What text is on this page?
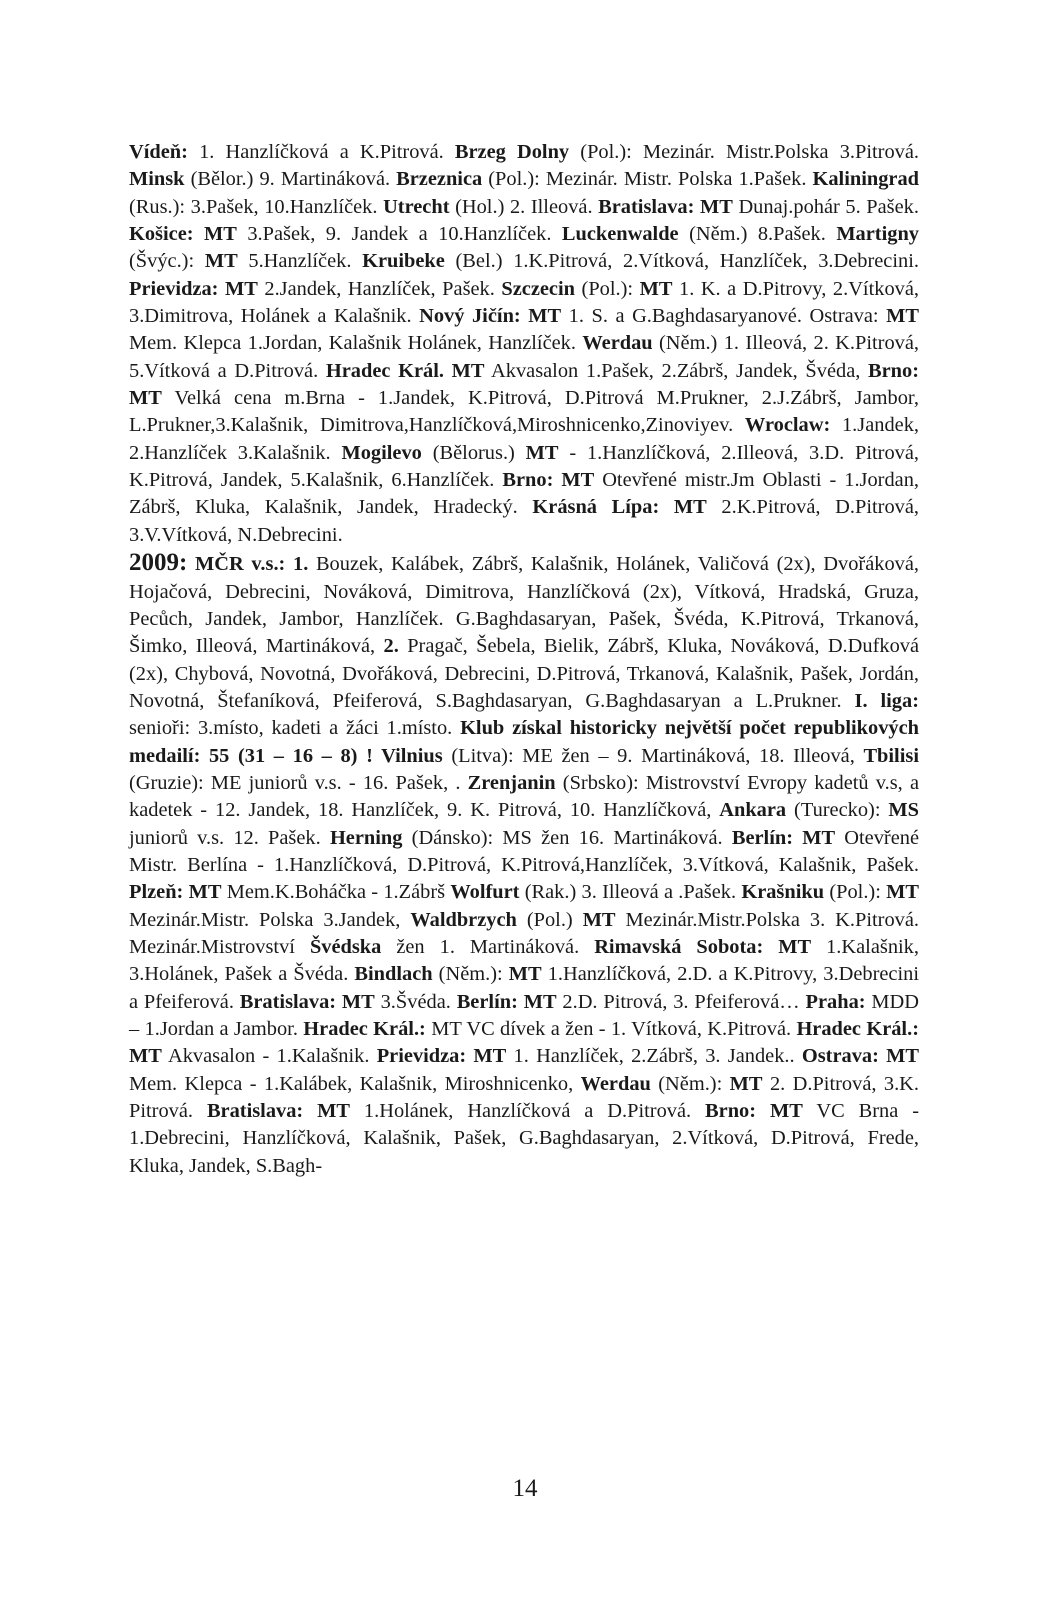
Vídeň: 1. Hanzlíčková a K.Pitrová. Brzeg Dolny (Pol.): Mezinár. Mistr.Polska 3.Pitrová. Minsk (Bělor.) 9. Martináková. Brzeznica (Pol.): Mezinár. Mistr. Polska 1.Pašek. Kaliningrad (Rus.): 3.Pašek, 10.Hanzlíček. Utrecht (Hol.) 2. Illeová. Bratislava: MT Dunaj.pohár 5. Pašek. Košice: MT 3.Pašek, 9. Jandek a 10.Hanzlíček. Luckenwalde (Něm.) 8.Pašek. Martigny (Švýc.): MT 5.Hanzlíček. Kruibeke (Bel.) 1.K.Pitrová, 2.Vítková, Hanzlíček, 3.Debrecini. Prievidza: MT 2.Jandek, Hanzlíček, Pašek. Szczecin (Pol.): MT 1. K. a D.Pitrovy, 2.Vítková, 3.Dimitrova, Holánek a Kalašnik. Nový Jičín: MT 1. S. a G.Baghdasaryanové. Ostrava: MT Mem. Klepca 1.Jordan, Kalašnik Holánek, Hanzlíček. Werdau (Něm.) 1. Illeová, 2. K.Pitrová, 5.Vítková a D.Pitrová. Hradec Král. MT Akvasalon 1.Pašek, 2.Zábrš, Jandek, Švéda, Brno: MT Velká cena m.Brna - 1.Jandek, K.Pitrová, D.Pitrová M.Prukner, 2.J.Zábrš, Jambor, L.Prukner,3.Kalašnik, Dimitrova,Hanzlíčková,Miroshnicenko,Zinoviyev. Wroclaw: 1.Jandek, 2.Hanzlíček 3.Kalašnik. Mogilevo (Bělorus.) MT - 1.Hanzlíčková, 2.Illeová, 3.D. Pitrová, K.Pitrová, Jandek, 5.Kalašnik, 6.Hanzlíček. Brno: MT Otevřené mistr.Jm Oblasti - 1.Jordan, Zábrš, Kluka, Kalašnik, Jandek, Hradecký. Krásná Lípa: MT 2.K.Pitrová, D.Pitrová, 3.V.Vítková, N.Debrecini.

2009: MČR v.s.: 1. Bouzek, Kalábek, Zábrš, Kalašnik, Holánek, Valičová (2x), Dvořáková, Hojačová, Debrecini, Nováková, Dimitrova, Hanzlíčková (2x), Vítková, Hradská, Gruza, Pecůch, Jandek, Jambor, Hanzlíček. G.Baghdasaryan, Pašek, Švéda, K.Pitrová, Trkanová, Šimko, Illeová, Martináková, 2. Pragač, Šebela, Bielik, Zábrš, Kluka, Nováková, D.Dufková (2x), Chybová, Novotná, Dvořáková, Debrecini, D.Pitrová, Trkanová, Kalašnik, Pašek, Jordán, Novotná, Štefaníková, Pfeiferová, S.Baghdasaryan, G.Baghdasaryan a L.Prukner. I. liga: senioři: 3.místo, kadeti a žáci 1.místo. Klub získal historicky největší počet republikových medailí: 55 (31 – 16 – 8) ! Vilnius (Litva): ME žen – 9. Martináková, 18. Illeová, Tbilisi (Gruzie): ME juniorů v.s. - 16. Pašek, . Zrenjanin (Srbsko): Mistrovství Evropy kadetů v.s, a kadetek - 12. Jandek, 18. Hanzlíček, 9. K. Pitrová, 10. Hanzlíčková, Ankara (Turecko): MS juniorů v.s. 12. Pašek. Herning (Dánsko): MS žen 16. Martináková. Berlín: MT Otevřené Mistr. Berlína - 1.Hanzlíčková, D.Pitrová, K.Pitrová,Hanzlíček, 3.Vítková, Kalašnik, Pašek. Plzeň: MT Mem.K.Boháčka - 1.Zábrš Wolfurt (Rak.) 3. Illeová a .Pašek. Krašniku (Pol.): MT Mezinár.Mistr. Polska 3.Jandek, Waldbrzych (Pol.) MT Mezinár.Mistr.Polska 3. K.Pitrová. Mezinár.Mistrovství Švédska žen 1. Martináková. Rimavská Sobota: MT 1.Kalašnik, 3.Holánek, Pašek a Švéda. Bindlach (Něm.): MT 1.Hanzlíčková, 2.D. a K.Pitrovy, 3.Debrecini a Pfeiferová. Bratislava: MT 3.Švéda. Berlín: MT 2.D. Pitrová, 3. Pfeiferová… Praha: MDD – 1.Jordan a Jambor. Hradec Král.: MT VC dívek a žen - 1. Vítková, K.Pitrová. Hradec Král.: MT Akvasalon - 1.Kalašnik. Prievidza: MT 1. Hanzlíček, 2.Zábrš, 3. Jandek.. Ostrava: MT Mem. Klepca - 1.Kalábek, Kalašnik, Miroshnicenko, Werdau (Něm.): MT 2. D.Pitrová, 3.K. Pitrová. Bratislava: MT 1.Holánek, Hanzlíčková a D.Pitrová. Brno: MT VC Brna - 1.Debrecini, Hanzlíčková, Kalašnik, Pašek, G.Baghdasaryan, 2.Vítková, D.Pitrová, Frede, Kluka, Jandek, S.Bagh-

14
